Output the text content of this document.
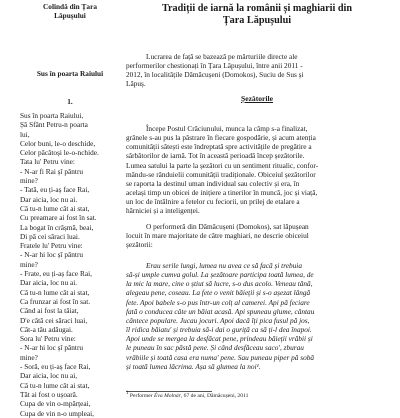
Colindă din Țara
Lăpușului
Sus în poarta Raiului
1.
Sus în poarta Raiului,
Șă Sfânt Petru-n poarta
lui,
Celor buni, le-o deschide,
Celor păcătoși le-o-nchide.
Tata lu' Petru vine:
- N-ar fi Rai șî pântru
mine?
- Tată, eu ți-aș face Rai,
Dar aicia, loc nu ai.
Câ tu-n lume cât ai stat,
Cu preamare ai fost în sat.
La bogat în crâșmă, beai,
Di pă cei săraci luai.
Fratele lu' Petru vine:
- N-ar hi loc șî pântru
mine?
- Frate, eu ți-aș face Rai,
Dar aicia, loc nu ai.
Câ tu-n lume cât ai stat,
Ca frunzar ai fost în sat.
Când ai fost la tăiat,
D'e câtă cei săraci luai,
Cât-a tău adăugai.
Sora lu' Petru vine:
- N-ar hi loc șî pântru
mine?
- Soră, eu ți-aș face Rai,
Dar aicia, loc nu ai,
Câ tu-n lume cât ai stat,
Tăt ai fost o ușoară.
Cupa de vin o-mpărțeai,
Cupa de vin n-o umpleai,
Tradiții de iarnă la românii și maghiarii din
Țara Lăpușului
Lucrarea de față se bazează pe mărturiile directe ale
performerilor chestionați în Țara Lăpușului, între anii 2011 -
2012, în localitățile Dămăcușeni (Domokos), Suciu de Sus și
Lăpuș.
Șezătorile
Începe Postul Crăciunului, munca la câmp s-a finalizat,
grânele s-au pus la păstrare în fiecare gospodărie, și acum atenția
comunității sătești este îndreptată spre activitățile de pregătire a
sărbătorilor de iarnă. Tot în această perioadă încep șezătorile.
Lumea satului la parte la șezători cu un sentiment ritualic, confor-
mându-se rânduielii comunității tradiționale. Obiceiul șezătorilor
se raporta la destinul uman individual sau colectiv și era, în
același timp un obicei de inițiere a tinerilor în muncă, joc și viață,
un loc de întâlnire a fetelor cu feciorii, un prilej de etalare a
hărniciei și a inteligenței.
O performeră din Dămăcușeni (Domokos), sat lăpușean
locuit în mare majoritate de către maghiari, ne descrie obiceiul
șezătorii:
Erau serile lungi, lumea nu avea ce să facă și trebuia
să-și umple cumva golul. La șezătoare participa toată lumea, de
la mic la mare, cine o știut să lucre, s-o dus acolo. Veneau tănă,
alegeau pene, coseau. La fete o venit băieții și s-o așezat lângă
fete. Apoi babele s-o pus într-un colț al camerei. Api pă feciare
fată o conducea câte un băiat acasă. Api spuneau glume, cântau
cântece populare. Jucau jocuri. Apoi dacă îți pica fusul pă jos,
îl ridica băiatu' și trebuia să-i dai o guriță ca să ți-l dea înapoi.
Apoi unde se mergea la desfăcat pene, prindeau băieții vrăbii și
le puneau în sac păstă pene. Și când desfăceau saco', zburau
vrăbiile și toată casa era numa' pene. Sau puneau piper pă sobă
și toată lumea lăcrima. Așa să glumea la noi¹.
$^1$ Performer Éva Molnár, 67 de ani, Dămăcușeni, 2011
